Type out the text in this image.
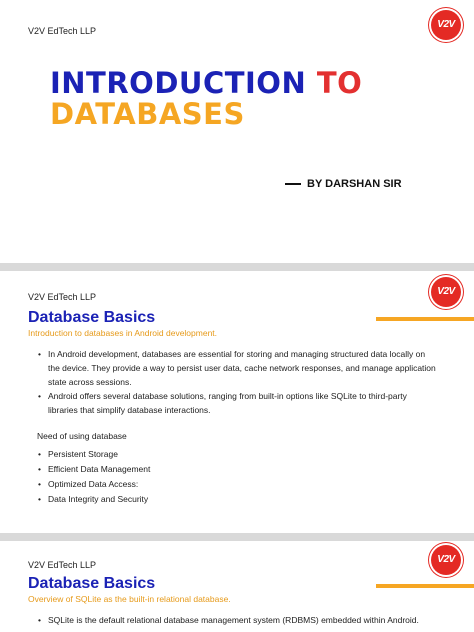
V2V EdTech LLP
V2V
INTRODUCTION TO
DATABASES
BY DARSHAN SIR
V2V EdTech LLP	V2V
Database Basics
Introduction to databases in Android development.
• In Android development, databases are essential for storing and managing structured data locally on the device. They provide a way to persist user data, cache network responses, and manage application state across sessions.
• Android offers several database solutions, ranging from built-in options like SQLite to third-party libraries that simplify database interactions.
Need of using database
• Persistent Storage
• Efficient Data Management
• Optimized Data Access:
• Data Integrity and Security
V2V EdTech LLP	V2V
Database Basics
Overview of SQLite as the built-in relational database.
• SQLite is the default relational database management system (RDBMS) embedded within Android.
